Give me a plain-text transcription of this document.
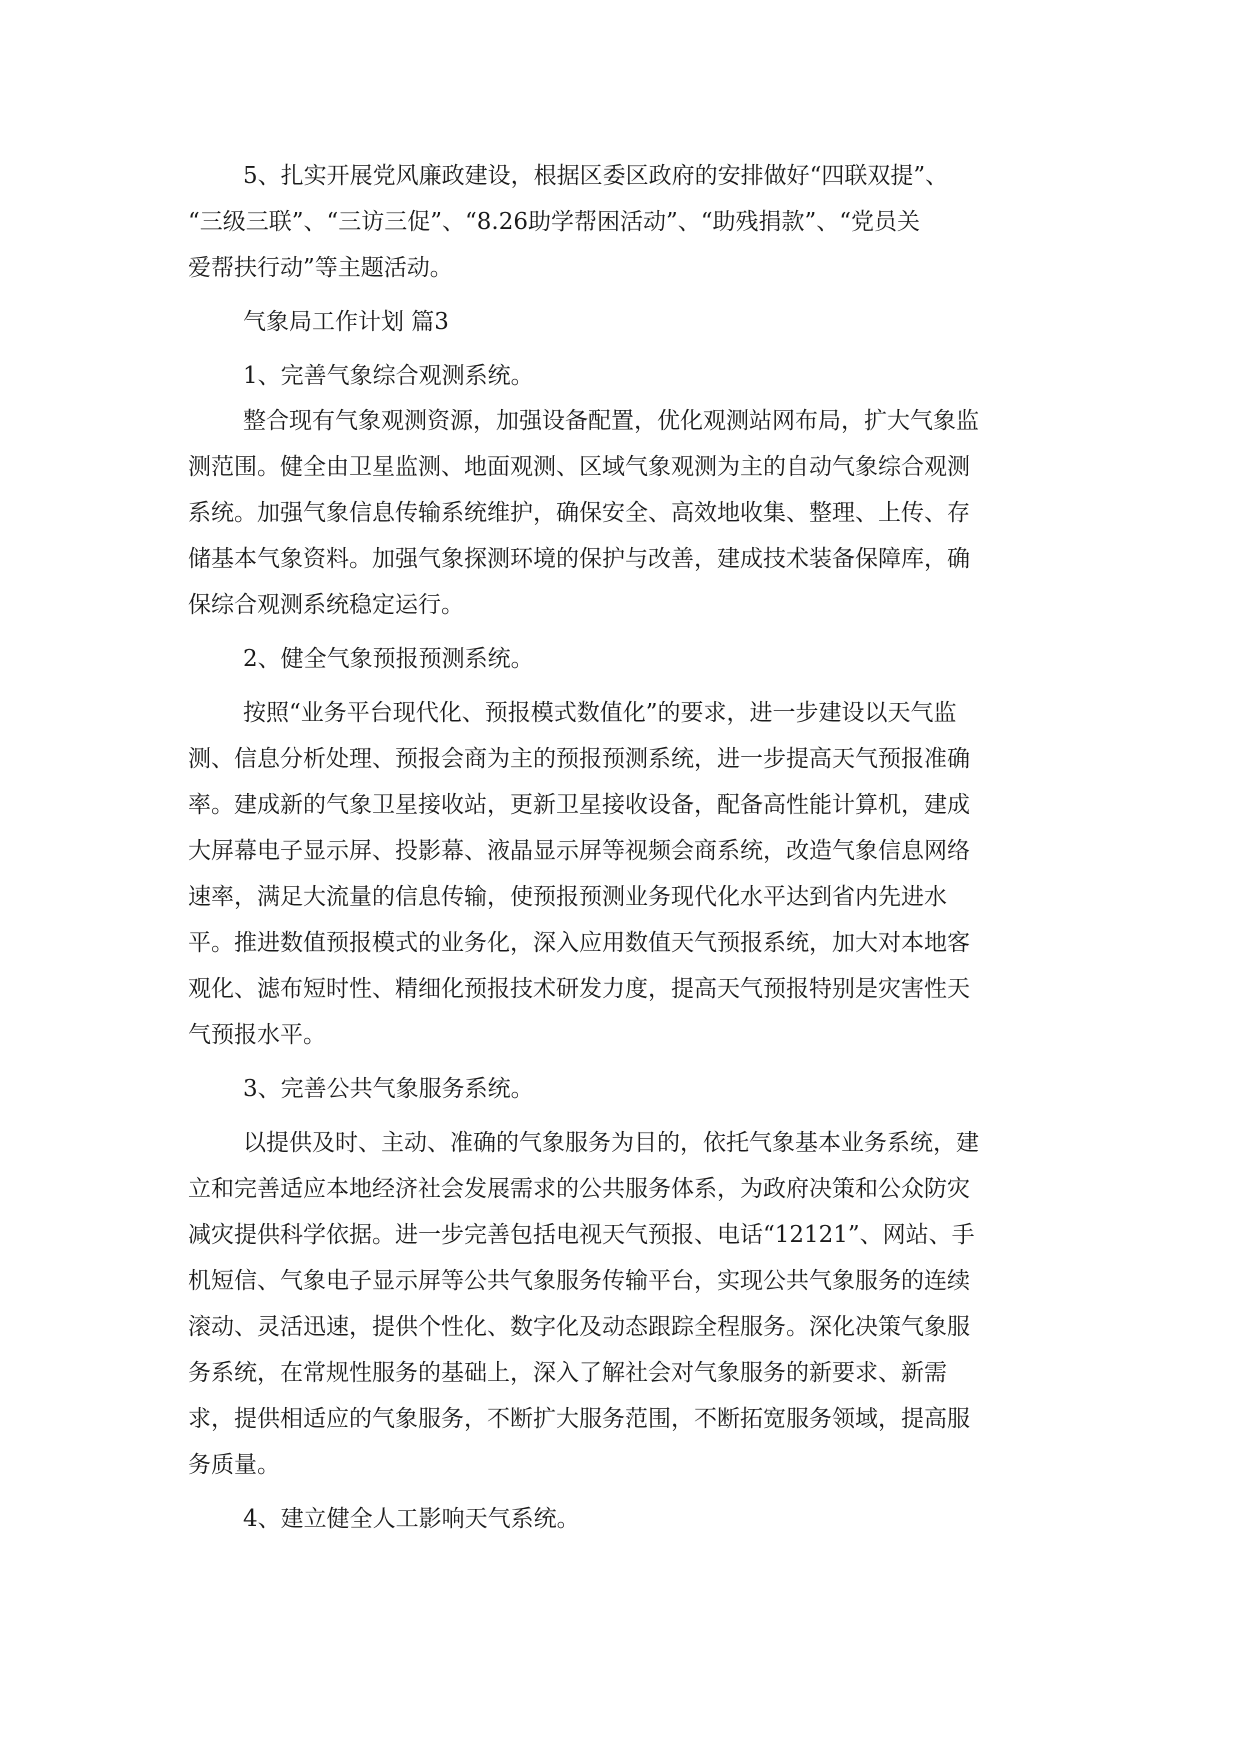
5、扎实开展党风廉政建设，根据区委区政府的安排做好“四联双提”、
“三级三联”、“三访三促”、“8.26助学帮困活动”、“助残捐款”、“党员关
爱帮扶行动”等主题活动。
气象局工作计划 篇3
1、完善气象综合观测系统。
整合现有气象观测资源，加强设备配置，优化观测站网布局，扩大气象监
测范围。健全由卫星监测、地面观测、区域气象观测为主的自动气象综合观测
系统。加强气象信息传输系统维护，确保安全、高效地收集、整理、上传、存
储基本气象资料。加强气象探测环境的保护与改善，建成技术装备保障库，确
保综合观测系统稳定运行。
2、健全气象预报预测系统。
按照“业务平台现代化、预报模式数值化”的要求，进一步建设以天气监
测、信息分析处理、预报会商为主的预报预测系统，进一步提高天气预报准确
率。建成新的气象卫星接收站，更新卫星接收设备，配备高性能计算机，建成
大屏幕电子显示屏、投影幕、液晶显示屏等视频会商系统，改造气象信息网络
速率，满足大流量的信息传输，使预报预测业务现代化水平达到省内先进水
平。推进数值预报模式的业务化，深入应用数值天气预报系统，加大对本地客
观化、滤布短时性、精细化预报技术研发力度，提高天气预报特别是灾害性天
气预报水平。
3、完善公共气象服务系统。
以提供及时、主动、准确的气象服务为目的，依托气象基本业务系统，建
立和完善适应本地经济社会发展需求的公共服务体系，为政府决策和公众防灾
减灾提供科学依据。进一步完善包括电视天气预报、电话“12121”、网站、手
机短信、气象电子显示屏等公共气象服务传输平台，实现公共气象服务的连续
滚动、灵活迅速，提供个性化、数字化及动态跟踪全程服务。深化决策气象服
务系统，在常规性服务的基础上，深入了解社会对气象服务的新要求、新需
求，提供相适应的气象服务，不断扩大服务范围，不断拓宽服务领域，提高服
务质量。
4、建立健全人工影响天气系统。
